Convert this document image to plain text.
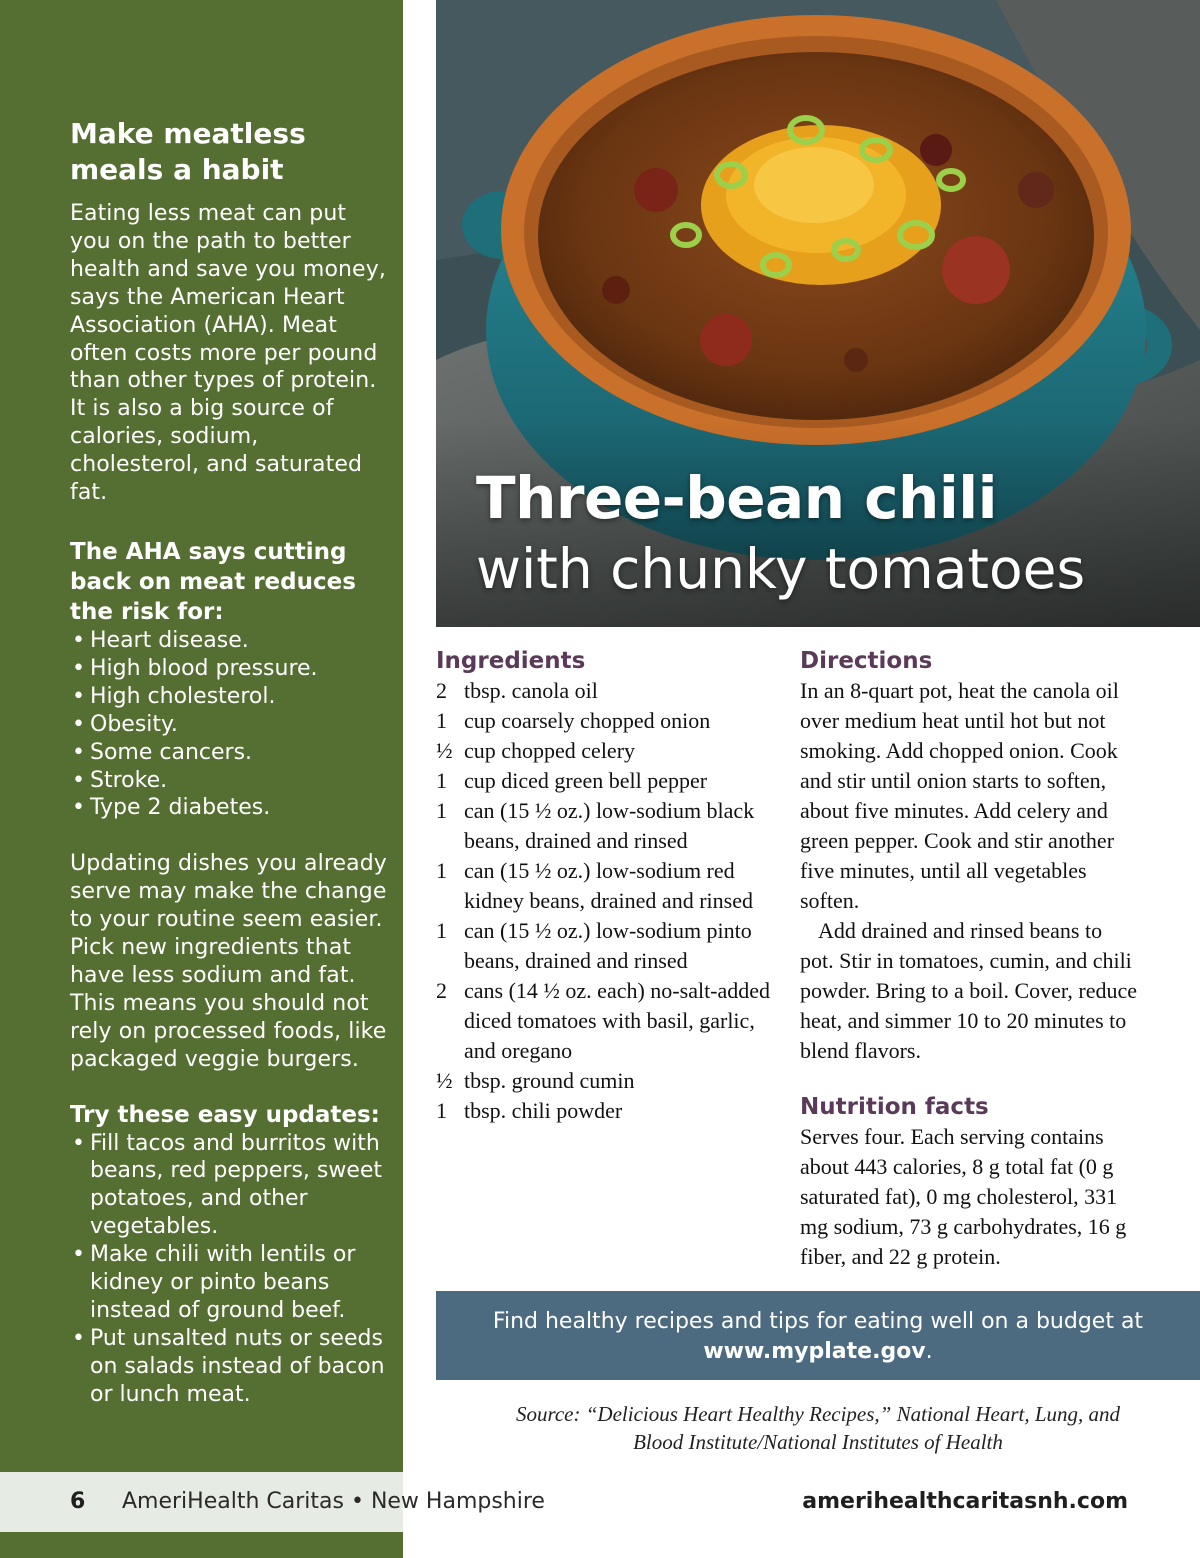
Make meatless meals a habit

Eating less meat can put you on the path to better health and save you money, says the American Heart Association (AHA). Meat often costs more per pound than other types of protein. It is also a big source of calories, sodium, cholesterol, and saturated fat.

The AHA says cutting back on meat reduces the risk for:
• Heart disease.
• High blood pressure.
• High cholesterol.
• Obesity.
• Some cancers.
• Stroke.
• Type 2 diabetes.

Updating dishes you already serve may make the change to your routine seem easier. Pick new ingredients that have less sodium and fat. This means you should not rely on processed foods, like packaged veggie burgers.

Try these easy updates:
• Fill tacos and burritos with beans, red peppers, sweet potatoes, and other vegetables.
• Make chili with lentils or kidney or pinto beans instead of ground beef.
• Put unsalted nuts or seeds on salads instead of bacon or lunch meat.
Three-bean chili
with chunky tomatoes
Ingredients
2 tbsp. canola oil
1 cup coarsely chopped onion
½ cup chopped celery
1 cup diced green bell pepper
1 can (15 ½ oz.) low-sodium black beans, drained and rinsed
1 can (15 ½ oz.) low-sodium red kidney beans, drained and rinsed
1 can (15 ½ oz.) low-sodium pinto beans, drained and rinsed
2 cans (14 ½ oz. each) no-salt-added diced tomatoes with basil, garlic, and oregano
½ tbsp. ground cumin
1 tbsp. chili powder
Directions

In an 8-quart pot, heat the canola oil over medium heat until hot but not smoking. Add chopped onion. Cook and stir until onion starts to soften, about five minutes. Add celery and green pepper. Cook and stir another five minutes, until all vegetables soften.

Add drained and rinsed beans to pot. Stir in tomatoes, cumin, and chili powder. Bring to a boil. Cover, reduce heat, and simmer 10 to 20 minutes to blend flavors.

Nutrition facts

Serves four. Each serving contains about 443 calories, 8 g total fat (0 g saturated fat), 0 mg cholesterol, 331 mg sodium, 73 g carbohydrates, 16 g fiber, and 22 g protein.

Find healthy recipes and tips for eating well on a budget at www.myplate.gov.
Source: “Delicious Heart Healthy Recipes,” National Heart, Lung, and
Blood Institute/National Institutes of Health
6 AmeriHealth Caritas • New Hampshire	amerihealthcaritasnh.com
